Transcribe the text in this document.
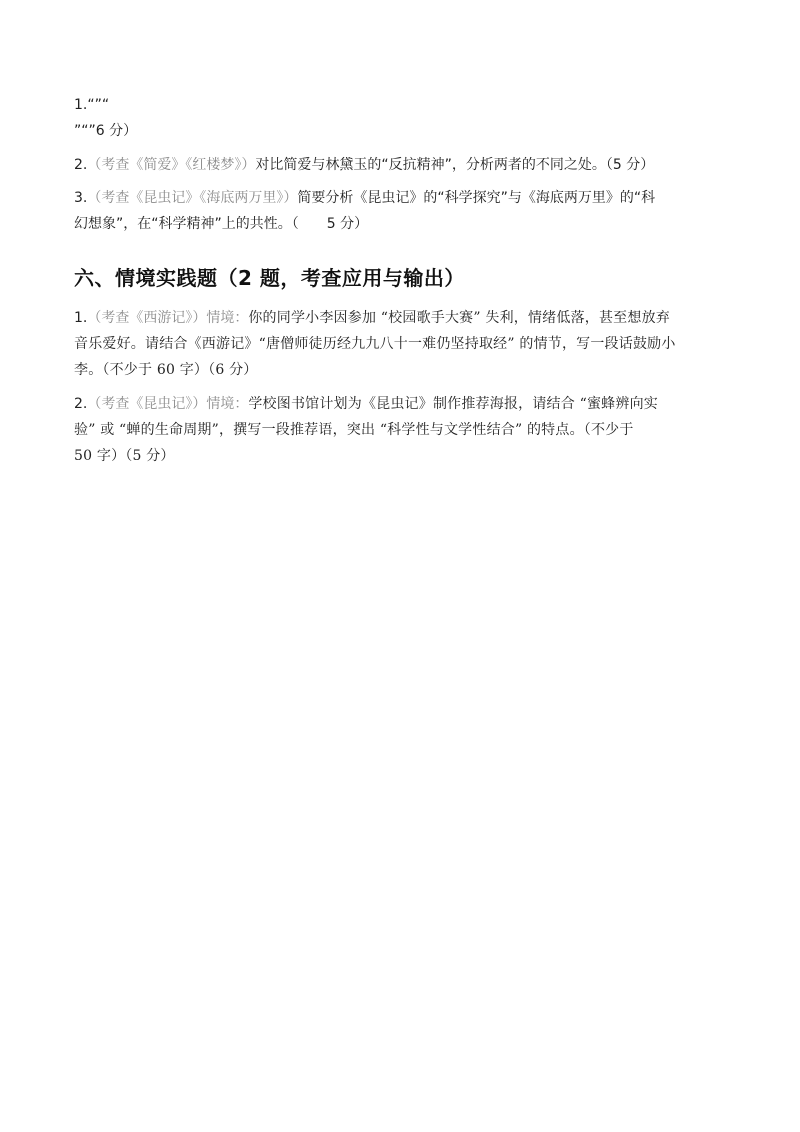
1.“”“
”“”6 分）
2.（考查《简爱》《红楼梦》）对比简爱与林黛玉的“反抗精神”，分析两者的不同之处。（5 分）
3.（考查《昆虫记》《海底两万里》）简要分析《昆虫记》的“科学探究”与《海底两万里》的“科
幻想象”，在“科学精神”上的共性。（　　5 分）
六、情境实践题（2 题，考查应用与输出）
1.（考查《西游记》）情境：你的同学小李因参加 “校园歌手大赛” 失利，情绪低落，甚至想放弃
音乐爱好。请结合《西游记》“唐僧师徒历经九九八十一难仍坚持取经” 的情节，写一段话鼓励小
李。（不少于 60 字）（6 分）
2.（考查《昆虫记》）情境：学校图书馆计划为《昆虫记》制作推荐海报，请结合 “蜜蜂辨向实
验” 或 “蝉的生命周期”，撰写一段推荐语，突出 “科学性与文学性结合” 的特点。（不少于
50 字）（5 分）
